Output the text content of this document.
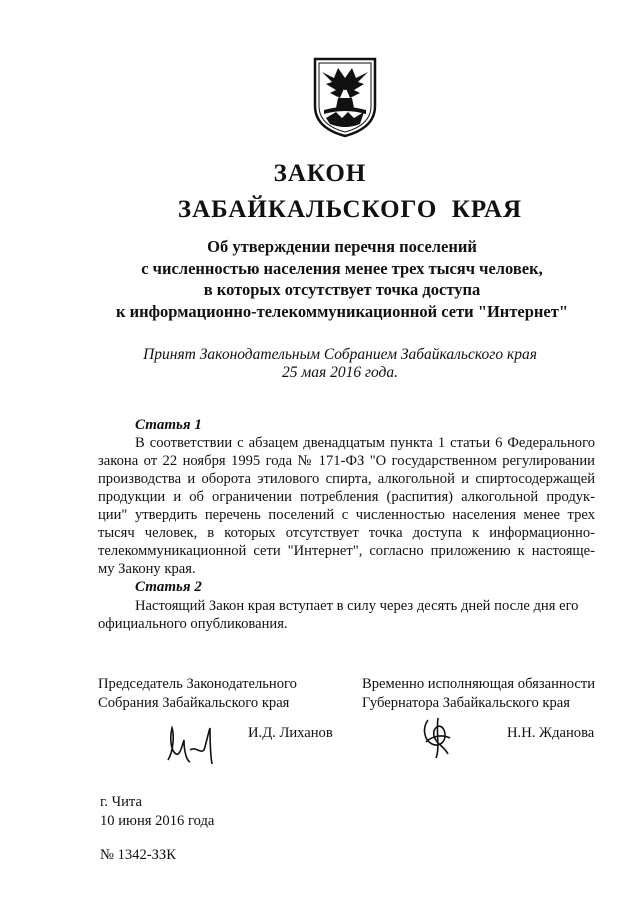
ЗАКОН
ЗАБАЙКАЛЬСКОГО  КРАЯ
Об утверждении перечня поселений
с численностью населения менее трех тысяч человек,
в которых отсутствует точка доступа
к информационно-телекоммуникационной сети "Интернет"
Принят Законодательным Собранием Забайкальского края
25 мая 2016 года.
Статья 1
В соответствии с абзацем двенадцатым пункта 1 статьи 6 Федерального
закона от 22 ноября 1995 года № 171-ФЗ "О государственном регулировании
производства и оборота этилового спирта, алкогольной и спиртосодержащей
продукции и об ограничении потребления (распития) алкогольной продук-
ции" утвердить перечень поселений с численностью населения менее трех
тысяч человек, в которых отсутствует точка доступа к информационно-
телекоммуникационной сети "Интернет", согласно приложению к настояще-
му Закону края.
Статья 2
Настоящий Закон края вступает в силу через десять дней после дня его
официального опубликования.
Председатель Законодательного
Собрания Забайкальского края
Временно исполняющая обязанности
Губернатора Забайкальского края
И.Д. Лиханов	Н.Н. Жданова
г. Чита
10 июня 2016 года
№ 1342-ЗЗК
